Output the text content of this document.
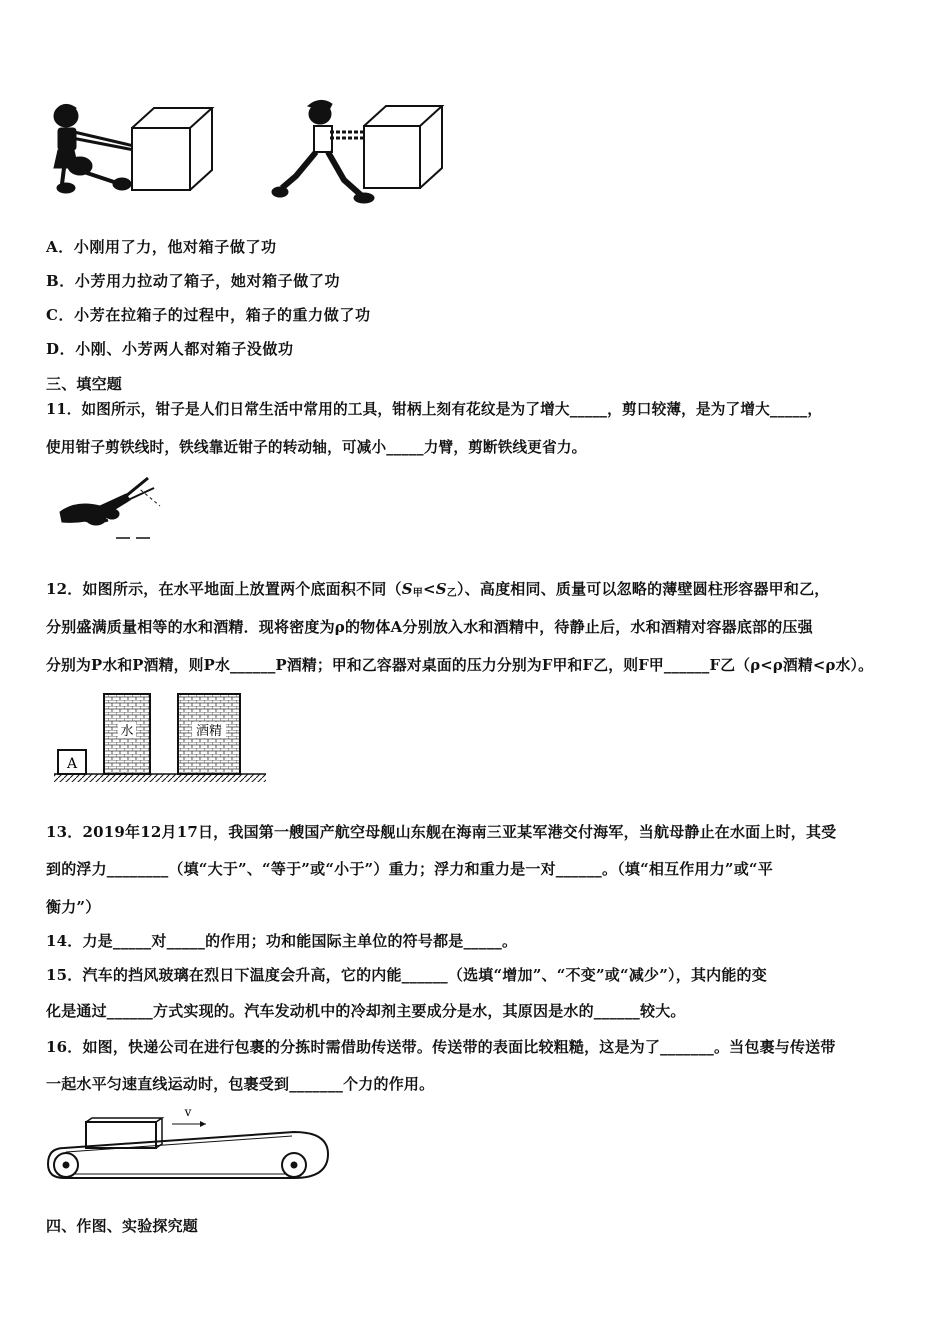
A．小刚用了力，他对箱子做了功
B．小芳用力拉动了箱子，她对箱子做了功
C．小芳在拉箱子的过程中，箱子的重力做了功
D．小刚、小芳两人都对箱子没做功
三、填空题
11．如图所示，钳子是人们日常生活中常用的工具，钳柄上刻有花纹是为了增大_____，剪口较薄，是为了增大_____，
使用钳子剪铁线时，铁线靠近钳子的转动轴，可减小_____力臂，剪断铁线更省力。
12．如图所示，在水平地面上放置两个底面积不同$(S_甲<S_乙)$、高度相同、质量可以忽略的薄壁圆柱形容器甲和乙，
分别盛满质量相等的水和酒精．现将密度为ρ的物体A分别放入水和酒精中，待静止后，水和酒精对容器底部的压强
分别为P水和P酒精，则P水______P酒精；甲和乙容器对桌面的压力分别为F甲和F乙，则F甲______F乙（ρ<ρ酒精<ρ水）。
A
水	酒精
13．2019年12月17日，我国第一艘国产航空母舰山东舰在海南三亚某军港交付海军，当航母静止在水面上时，其受
到的浮力________（填“大于”、“等于”或“小于”）重力；浮力和重力是一对______。（填“相互作用力”或“平
衡力”）
14．力是_____对_____的作用；功和能国际主单位的符号都是_____。
15．汽车的挡风玻璃在烈日下温度会升高，它的内能______（选填“增加”、“不变”或“减少”），其内能的变
化是通过______方式实现的。汽车发动机中的冷却剂主要成分是水，其原因是水的______较大。
16．如图，快递公司在进行包裹的分拣时需借助传送带。传送带的表面比较粗糙，这是为了_______。当包裹与传送带
一起水平匀速直线运动时，包裹受到_______个力的作用。
v
四、作图、实验探究题
